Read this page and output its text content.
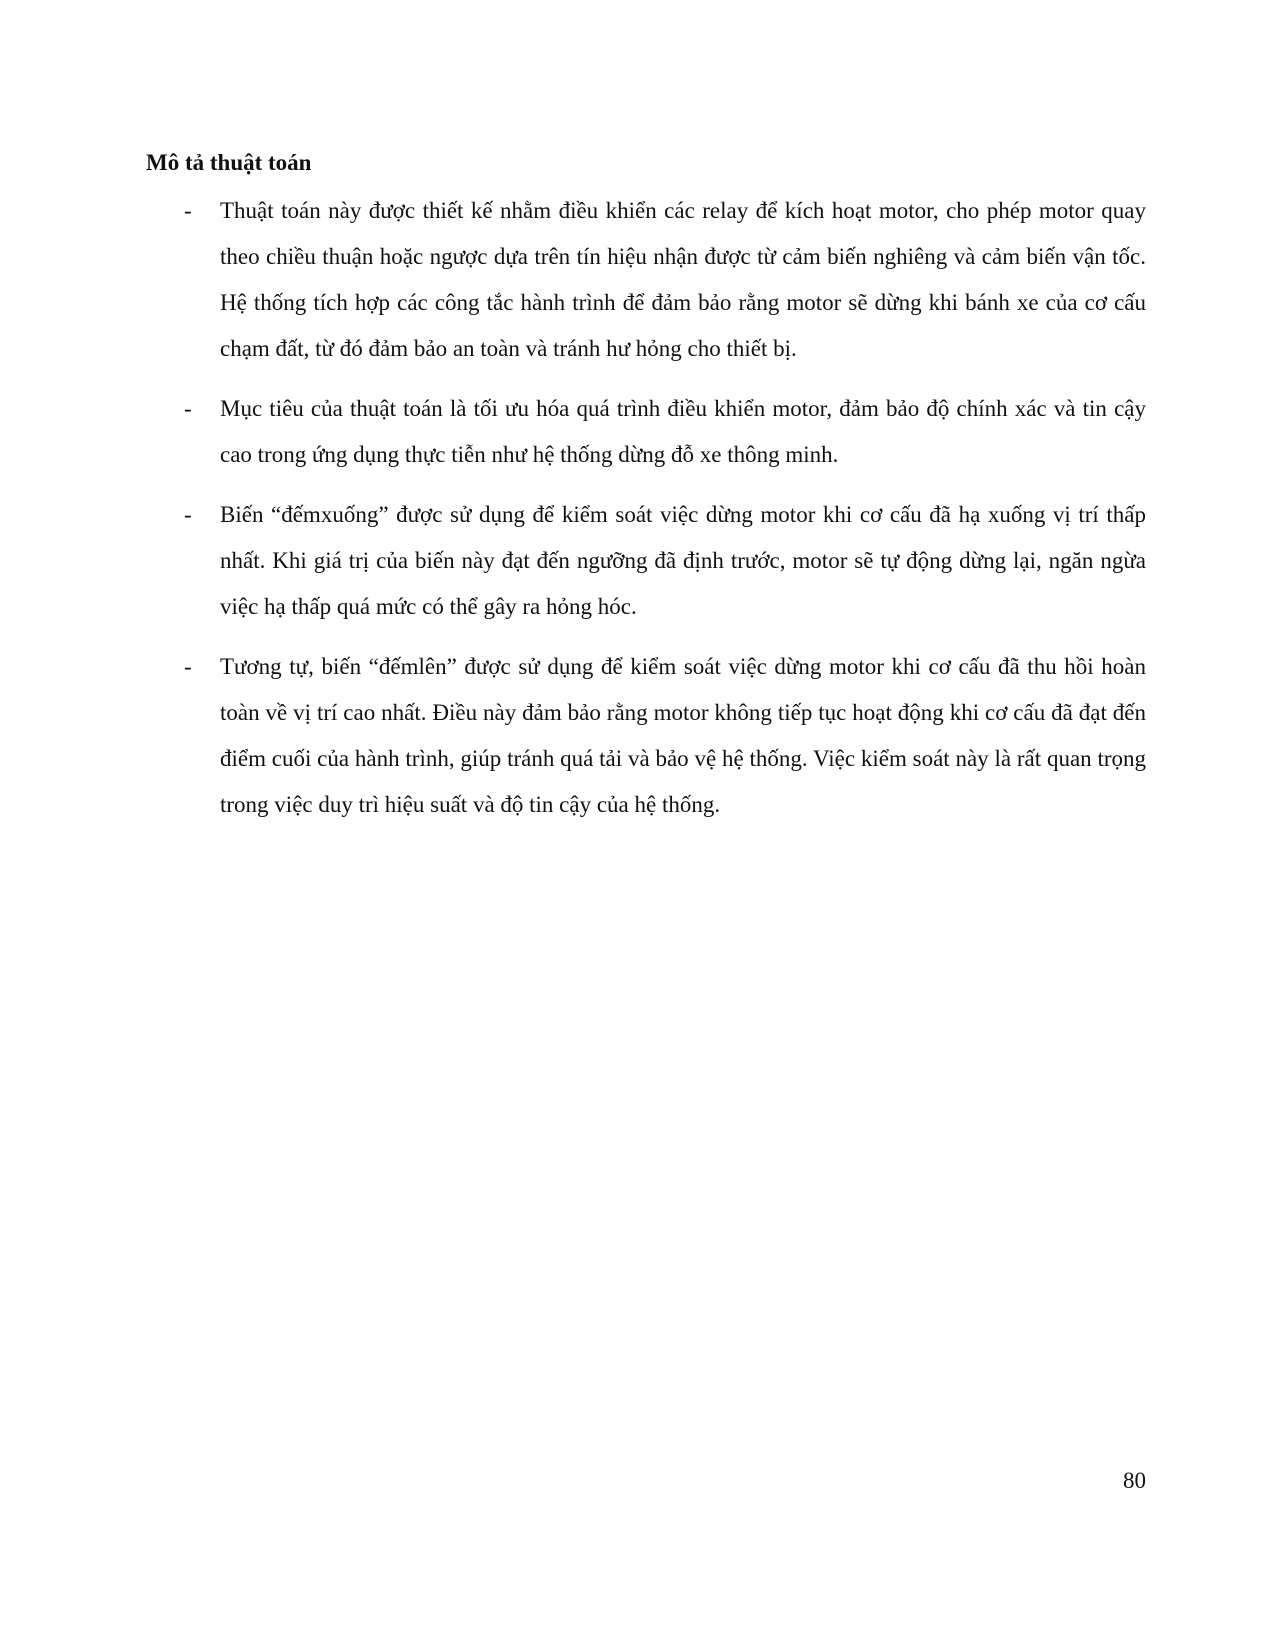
Mô tả thuật toán
- Thuật toán này được thiết kế nhằm điều khiển các relay để kích hoạt motor, cho phép motor quay theo chiều thuận hoặc ngược dựa trên tín hiệu nhận được từ cảm biến nghiêng và cảm biến vận tốc. Hệ thống tích hợp các công tắc hành trình để đảm bảo rằng motor sẽ dừng khi bánh xe của cơ cấu chạm đất, từ đó đảm bảo an toàn và tránh hư hỏng cho thiết bị.
- Mục tiêu của thuật toán là tối ưu hóa quá trình điều khiển motor, đảm bảo độ chính xác và tin cậy cao trong ứng dụng thực tiễn như hệ thống dừng đỗ xe thông minh.
- Biến “đếmxuống” được sử dụng để kiểm soát việc dừng motor khi cơ cấu đã hạ xuống vị trí thấp nhất. Khi giá trị của biến này đạt đến ngưỡng đã định trước, motor sẽ tự động dừng lại, ngăn ngừa việc hạ thấp quá mức có thể gây ra hỏng hóc.
- Tương tự, biến “đếmlên” được sử dụng để kiểm soát việc dừng motor khi cơ cấu đã thu hồi hoàn toàn về vị trí cao nhất. Điều này đảm bảo rằng motor không tiếp tục hoạt động khi cơ cấu đã đạt đến điểm cuối của hành trình, giúp tránh quá tải và bảo vệ hệ thống. Việc kiểm soát này là rất quan trọng trong việc duy trì hiệu suất và độ tin cậy của hệ thống.
80
